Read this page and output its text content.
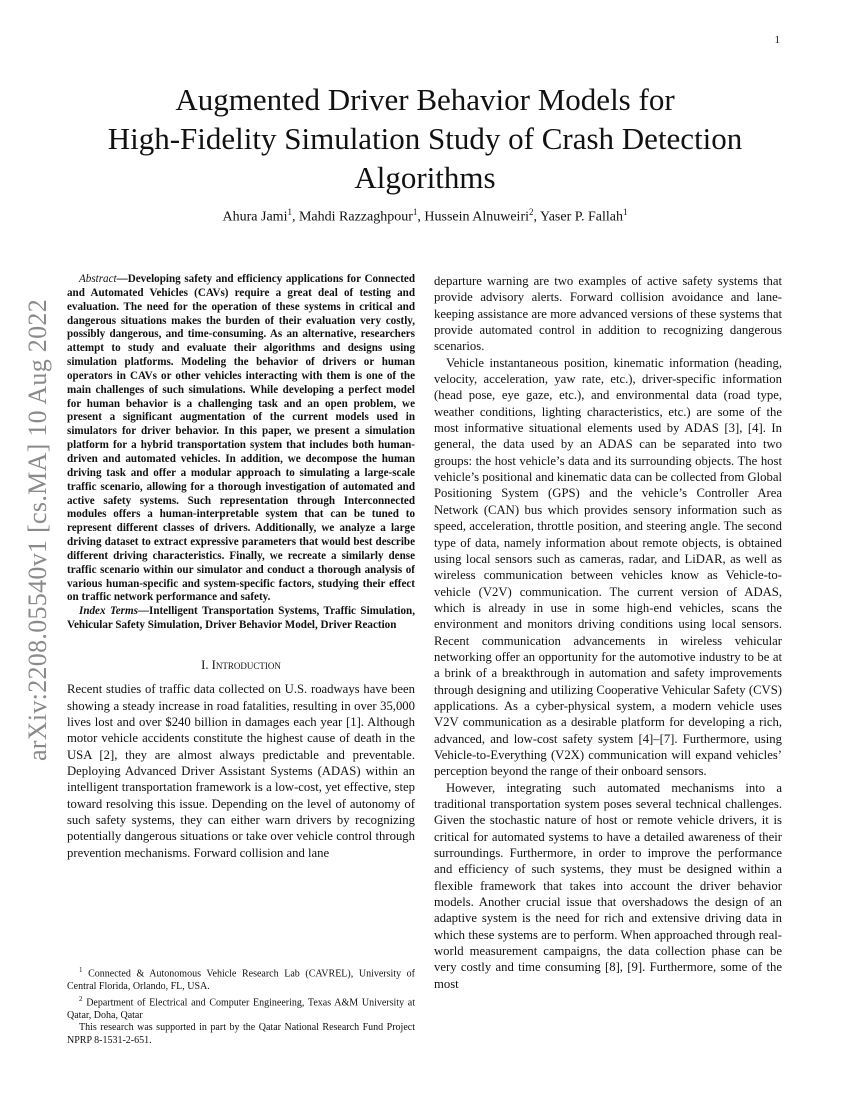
1
arXiv:2208.05540v1 [cs.MA] 10 Aug 2022
Augmented Driver Behavior Models for
High-Fidelity Simulation Study of Crash Detection
Algorithms
Ahura Jami$^1$, Mahdi Razzaghpour$^1$, Hussein Alnuweiri$^2$, Yaser P. Fallah$^1$

Abstract—Developing safety and efficiency applications for Connected and Automated Vehicles (CAVs) require a great deal of testing and evaluation. The need for the operation of these systems in critical and dangerous situations makes the burden of their evaluation very costly, possibly dangerous, and time-consuming. As an alternative, researchers attempt to study and evaluate their algorithms and designs using simulation platforms. Modeling the behavior of drivers or human operators in CAVs or other vehicles interacting with them is one of the main challenges of such simulations. While developing a perfect model for human behavior is a challenging task and an open problem, we present a significant augmentation of the current models used in simulators for driver behavior. In this paper, we present a simulation platform for a hybrid transportation system that includes both human-driven and automated vehicles. In addition, we decompose the human driving task and offer a modular approach to simulating a large-scale traffic scenario, allowing for a thorough investigation of automated and active safety systems. Such representation through Interconnected modules offers a human-interpretable system that can be tuned to represent different classes of drivers. Additionally, we analyze a large driving dataset to extract expressive parameters that would best describe different driving characteristics. Finally, we recreate a similarly dense traffic scenario within our simulator and conduct a thorough analysis of various human-specific and system-specific factors, studying their effect on traffic network performance and safety.

Index Terms—Intelligent Transportation Systems, Traffic Simulation, Vehicular Safety Simulation, Driver Behavior Model, Driver Reaction

I. Introduction

Recent studies of traffic data collected on U.S. roadways have been showing a steady increase in road fatalities, resulting in over 35,000 lives lost and over $240 billion in damages each year [1]. Although motor vehicle accidents constitute the highest cause of death in the USA [2], they are almost always predictable and preventable. Deploying Advanced Driver Assistant Systems (ADAS) within an intelligent transportation framework is a low-cost, yet effective, step toward resolving this issue. Depending on the level of autonomy of such safety systems, they can either warn drivers by recognizing potentially dangerous situations or take over vehicle control through prevention mechanisms. Forward collision and lane

$^1$ Connected & Autonomous Vehicle Research Lab (CAVREL), University of Central Florida, Orlando, FL, USA.

$^2$ Department of Electrical and Computer Engineering, Texas A&M University at Qatar, Doha, Qatar

This research was supported in part by the Qatar National Research Fund Project NPRP 8-1531-2-651.

departure warning are two examples of active safety systems that provide advisory alerts. Forward collision avoidance and lane-keeping assistance are more advanced versions of these systems that provide automated control in addition to recognizing dangerous scenarios.

Vehicle instantaneous position, kinematic information (heading, velocity, acceleration, yaw rate, etc.), driver-specific information (head pose, eye gaze, etc.), and environmental data (road type, weather conditions, lighting characteristics, etc.) are some of the most informative situational elements used by ADAS [3], [4]. In general, the data used by an ADAS can be separated into two groups: the host vehicle’s data and its surrounding objects. The host vehicle’s positional and kinematic data can be collected from Global Positioning System (GPS) and the vehicle’s Controller Area Network (CAN) bus which provides sensory information such as speed, acceleration, throttle position, and steering angle. The second type of data, namely information about remote objects, is obtained using local sensors such as cameras, radar, and LiDAR, as well as wireless communication between vehicles know as Vehicle-to-vehicle (V2V) communication. The current version of ADAS, which is already in use in some high-end vehicles, scans the environment and monitors driving conditions using local sensors. Recent communication advancements in wireless vehicular networking offer an opportunity for the automotive industry to be at a brink of a breakthrough in automation and safety improvements through designing and utilizing Cooperative Vehicular Safety (CVS) applications. As a cyber-physical system, a modern vehicle uses V2V communication as a desirable platform for developing a rich, advanced, and low-cost safety system [4]–[7]. Furthermore, using Vehicle-to-Everything (V2X) communication will expand vehicles’ perception beyond the range of their onboard sensors.

However, integrating such automated mechanisms into a traditional transportation system poses several technical challenges. Given the stochastic nature of host or remote vehicle drivers, it is critical for automated systems to have a detailed awareness of their surroundings. Furthermore, in order to improve the performance and efficiency of such systems, they must be designed within a flexible framework that takes into account the driver behavior models. Another crucial issue that overshadows the design of an adaptive system is the need for rich and extensive driving data in which these systems are to perform. When approached through real-world measurement campaigns, the data collection phase can be very costly and time consuming [8], [9]. Furthermore, some of the most
